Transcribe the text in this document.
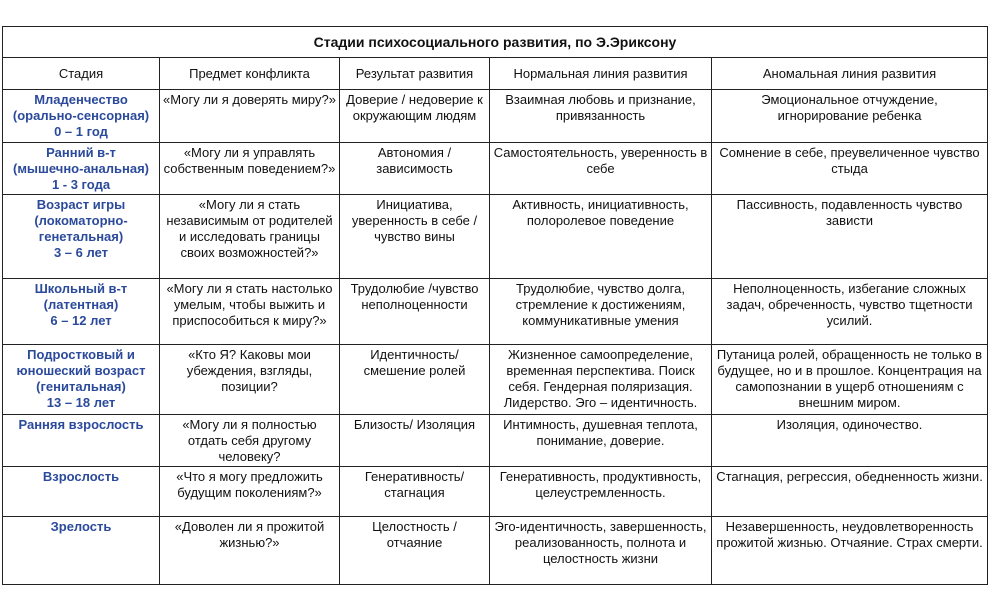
Стадии психосоциального развития, по Э.Эриксону				
Стадия	Предмет конфликта	Результат развития	Нормальная линия развития	Аномальная линия развития

Младенчество
(орально-сенсорная)
0 – 1 год	«Могу ли я доверять миру?»	Доверие / недоверие к окружающим людям	Взаимная любовь и признание, привязанность	Эмоциональное отчуждение, игнорирование ребенка

Ранний в-т
(мышечно-анальная)
1 - 3 года	«Могу ли я управлять собственным поведением?»	Автономия / зависимость	Самостоятельность, уверенность в себе	Сомнение в себе, преувеличенное чувство стыда

Возраст игры
(локоматорно-
генетальная)
3 – 6 лет	«Могу ли я стать независимым от родителей и исследовать границы своих возможностей?»	Инициатива, уверенность в себе / чувство вины	Активность, инициативность, полоролевое поведение	Пассивность, подавленность чувство зависти

Школьный в-т
(латентная)
6 – 12 лет	«Могу ли я стать настолько умелым, чтобы выжить и приспособиться к миру?»	Трудолюбие /чувство неполноценности	Трудолюбие, чувство долга, стремление к достижениям, коммуникативные умения	Неполноценность, избегание сложных задач, обреченность, чувство тщетности усилий.

Подростковый и
юношеский возраст
(генитальная)
13 – 18 лет	«Кто Я? Каковы мои убеждения, взгляды, позиции?	Идентичность/ смешение ролей	Жизненное самоопределение, временная перспектива. Поиск себя. Гендерная поляризация. Лидерство. Эго – идентичность.	Путаница ролей, обращенность не только в будущее, но и в прошлое. Концентрация на самопознании в ущерб отношениям с внешним миром.

Ранняя взрослость	«Могу ли я полностью отдать себя другому человеку?	Близость/ Изоляция	Интимность, душевная теплота, понимание, доверие.	Изоляция, одиночество.

Взрослость	«Что я могу предложить будущим поколениям?»	Генеративность/ стагнация	Генеративность, продуктивность, целеустремленность.	Стагнация, регрессия, обедненность жизни.

Зрелость	«Доволен ли я прожитой жизнью?»	Целостность / отчаяние	Эго-идентичность, завершенность, реализованность, полнота и целостность жизни	Незавершенность, неудовлетворенность прожитой жизнью. Отчаяние. Страх смерти.
